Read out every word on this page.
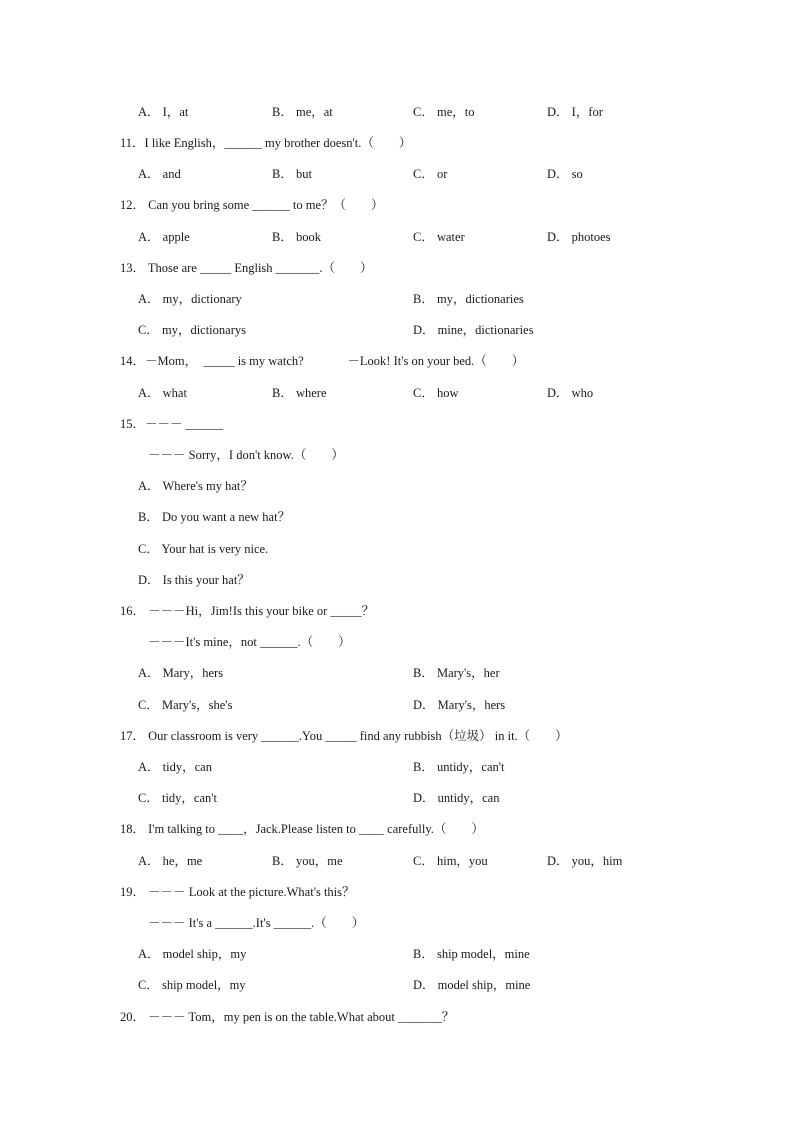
A． I，at	B． me，at	C． me，to	D． I，for
11．I like English，______ my brother doesn't.（　　）
A． and	B． but	C． or	D． so
12． Can you bring some ______ to me？（　　）
A． apple	B． book	C． water	D． photoes
13． Those are _____ English _______.（　　）
A． my，dictionary	B． my，dictionaries
C． my，dictionarys	D． mine，dictionaries
14．－Mom，  _____ is my watch?              －Look! It's on your bed.（　　）
A． what	B． where	C． how	D． who
15．－－－ ______
－－－ Sorry，I don't know.（　　）
A． Where's my hat？
B． Do you want a new hat？
C． Your hat is very nice.
D． Is this your hat？
16． －－－Hi，Jim!Is this your bike or _____？
－－－It's mine，not ______.（　　）
A． Mary，hers	B． Mary's，her
C． Mary's，she's	D． Mary's，hers
17． Our classroom is very ______.You _____ find any rubbish（垃圾） in it.（　　）
A． tidy，can	B． untidy，can't
C． tidy，can't	D． untidy，can
18． I'm talking to ____，Jack.Please listen to ____ carefully.（　　）
A． he，me	B． you，me	C． him，you	D． you，him
19． －－－ Look at the picture.What's this？
－－－ It's a ______.It's ______.（　　）
A． model ship，my	B． ship model，mine
C． ship model，my	D． model ship，mine
20． －－－ Tom，my pen is on the table.What about _______？
